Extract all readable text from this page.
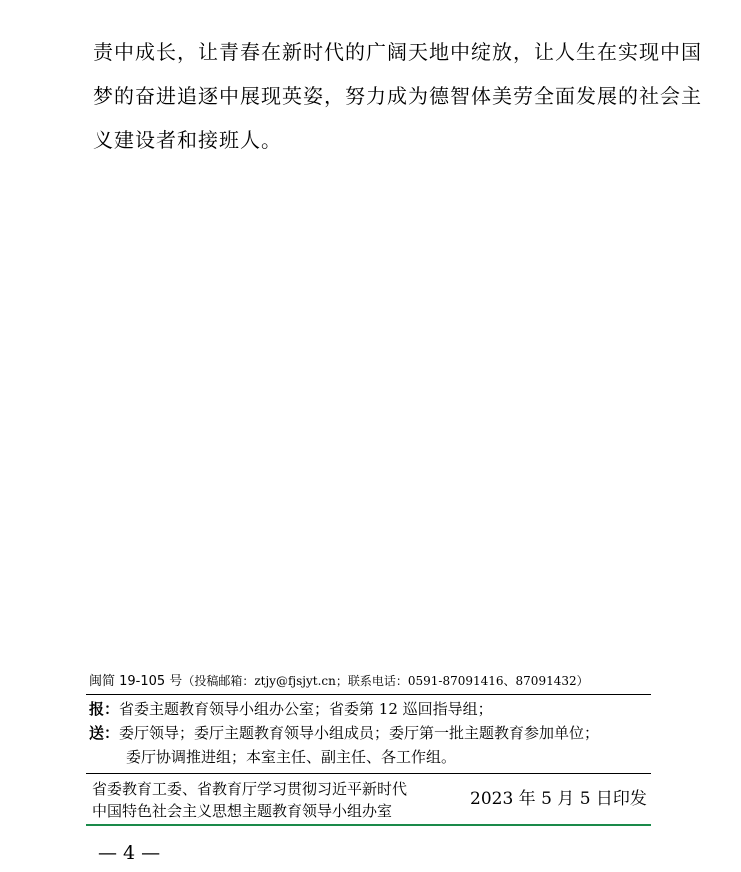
责中成长，让青春在新时代的广阔天地中绽放，让人生在实现中国
梦的奋进追逐中展现英姿，努力成为德智体美劳全面发展的社会主
义建设者和接班人。
闽简 19-105 号（投稿邮箱：ztjy@fjsjyt.cn；联系电话：0591-87091416、87091432）
报：省委主题教育领导小组办公室；省委第 12 巡回指导组；
送：委厅领导；委厅主题教育领导小组成员；委厅第一批主题教育参加单位；
委厅协调推进组；本室主任、副主任、各工作组。
省委教育工委、省教育厅学习贯彻习近平新时代
中国特色社会主义思想主题教育领导小组办室
2023 年 5 月 5 日印发
— 4 —
